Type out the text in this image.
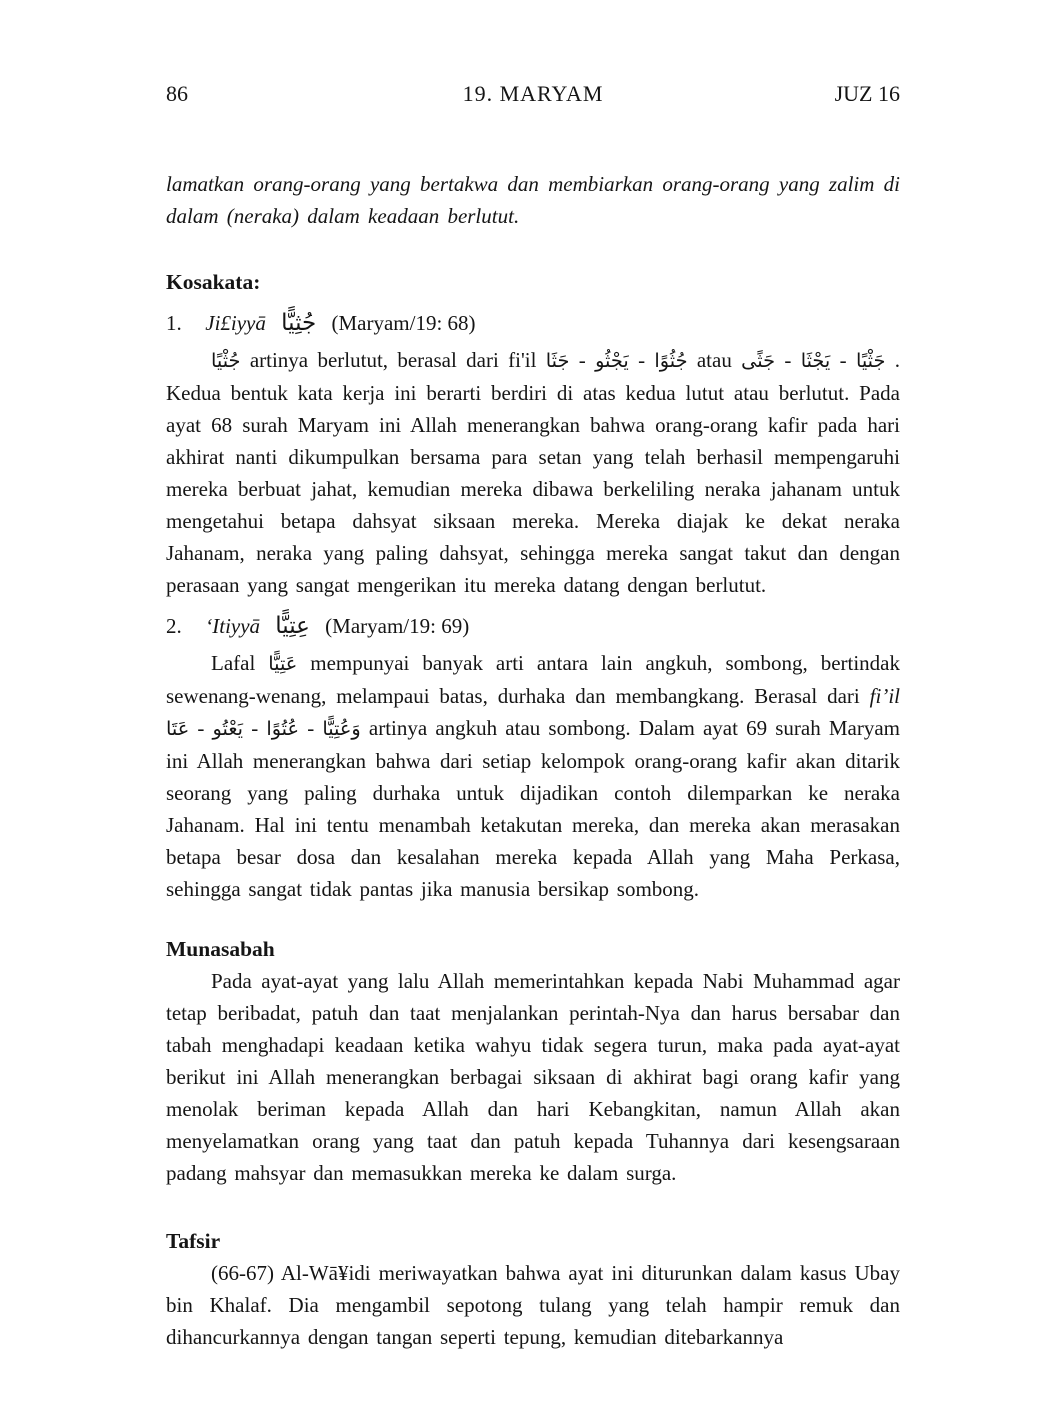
86	19. MARYAM	JUZ 16

lamatkan orang-orang yang bertakwa dan membiarkan orang-orang yang zalim di dalam (neraka) dalam keadaan berlutut.

Kosakata:

1. Ji£iyyā جُثِيًّا (Maryam/19: 68)

جُثْيًا artinya berlutut, berasal dari fi'il جَثَا - يَجْثُو - جُثُوًا atau جَثًى - يَجْثَا - جَثْيًا . Kedua bentuk kata kerja ini berarti berdiri di atas kedua lutut atau berlutut. Pada ayat 68 surah Maryam ini Allah menerangkan bahwa orang-orang kafir pada hari akhirat nanti dikumpulkan bersama para setan yang telah berhasil mempengaruhi mereka berbuat jahat, kemudian mereka dibawa berkeliling neraka jahanam untuk mengetahui betapa dahsyat siksaan mereka. Mereka diajak ke dekat neraka Jahanam, neraka yang paling dahsyat, sehingga mereka sangat takut dan dengan perasaan yang sangat mengerikan itu mereka datang dengan berlutut.

2. ‘Itiyyā عِتِيًّا (Maryam/19: 69)

Lafal عَتِيًّا mempunyai banyak arti antara lain angkuh, sombong, bertindak sewenang-wenang, melampaui batas, durhaka dan membangkang. Berasal dari fi’il عَتَا - يَعْتُو - عُتُوًا - وَعُتِيًّا artinya angkuh atau sombong. Dalam ayat 69 surah Maryam ini Allah menerangkan bahwa dari setiap kelompok orang-orang kafir akan ditarik seorang yang paling durhaka untuk dijadikan contoh dilemparkan ke neraka Jahanam. Hal ini tentu menambah ketakutan mereka, dan mereka akan merasakan betapa besar dosa dan kesalahan mereka kepada Allah yang Maha Perkasa, sehingga sangat tidak pantas jika manusia bersikap sombong.

Munasabah

Pada ayat-ayat yang lalu Allah memerintahkan kepada Nabi Muhammad agar tetap beribadat, patuh dan taat menjalankan perintah-Nya dan harus bersabar dan tabah menghadapi keadaan ketika wahyu tidak segera turun, maka pada ayat-ayat berikut ini Allah menerangkan berbagai siksaan di akhirat bagi orang kafir yang menolak beriman kepada Allah dan hari Kebangkitan, namun Allah akan menyelamatkan orang yang taat dan patuh kepada Tuhannya dari kesengsaraan padang mahsyar dan memasukkan mereka ke dalam surga.

Tafsir

(66-67) Al-Wā¥idi meriwayatkan bahwa ayat ini diturunkan dalam kasus Ubay bin Khalaf. Dia mengambil sepotong tulang yang telah hampir remuk dan dihancurkannya dengan tangan seperti tepung, kemudian ditebarkannya
